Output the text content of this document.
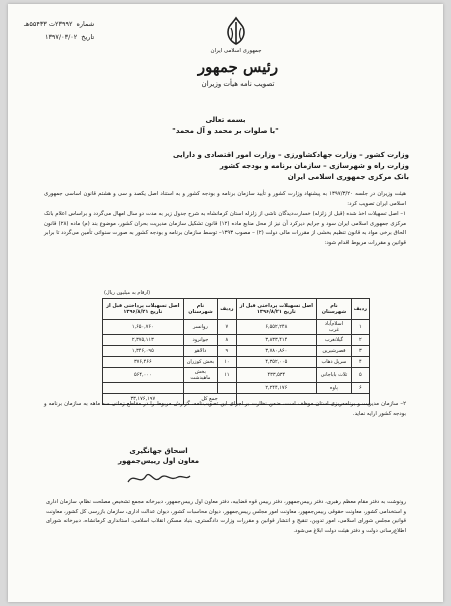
شماره
۲۳۹۹۲ت ۵۵۴۳۳هـ
تاریخ
۱۳۹۷/۰۳/۰۲
جمهوری اسلامی ایران
رئیس جمهور
تصویب نامه هیأت وزیران
بسمه تعالی
"با صلوات بر محمد و آل محمد"
وزارت کشور – وزارت جهادکشاورزی – وزارت امور اقتصادی و دارایی
وزارت راه و شهرسازی – سازمان برنامه و بودجه کشور
بانک مرکزی جمهوری اسلامی ایران
هیئت وزیران در جلسه ۱۳۹۷/۳/۲۰ به پیشنهاد وزارت کشور و تأیید سازمان برنامه و بودجه کشور و به استناد اصل یکصد و سی و هشتم قانون اساسی جمهوری اسلامی ایران تصویب کرد:
۱– اصل تسهیلات اخذ شده (قبل از زلزله) خسارت‌دیدگان ناشی از زلزله استان کرمانشاه به شرح جدول زیر به مدت دو سال امهال می‌گردد و براساس اعلام بانک مرکزی جمهوری اسلامی ایران سود و جرایم دیرکرد آن نیز از محل منابع ماده (۱۲) قانون تشکیل سازمان مدیریت بحران کشور، موضوع بند (م) ماده (۲۸) قانون الحاق برخی مواد به قانون تنظیم بخشی از مقررات مالی دولت (۲) – مصوب ۱۳۹۳– توسط سازمان برنامه و بودجه کشور به صورت سنواتی تأمین می‌گردد تا برابر قوانین و مقررات مربوط اقدام شود:
(ارقام به میلیون ریال)
ردیف	نام شهرستان	اصل تسهیلات پرداختی قبل از تاریخ ۱۳۹۶/۸/۲۱	ردیف	نام شهرستان	اصل تسهیلات پرداختی قبل از تاریخ ۱۳۹۶/۸/۲۱
۱	اسلام‌آباد غرب	۶,۵۵۲,۲۴۸	۷	روانسر	۱,۶۵۰,۷۶۰
۲	گیلانغرب	۳,۸۳۳,۴۱۴	۸	جوانرود	۲,۳۷۵,۱۱۳
۳	قصرشیرین	۳,۷۸۰,۸۶۰	۹	دالاهو	۱,۳۴۶,۰۹۵
۴	سرپل ذهاب	۴,۳۵۲,۰۰۵	۱۰	بخش کوزران	۳۷۶,۴۶۶
۵	ثلاث باباجانی	۴۳۳,۵۳۴	۱۱	بخش ماهیدشت	۵۶۴,۰۰۰
۶	پاوه	۲,۲۴۴,۱۷۶			
			جمع کل		۳۳,۱۷۶,۱۹۷
۲– سازمان مدیریت و برنامه‌ریزی استان موظف است، ضمن نظارت بر اجرای این تصویب‌نامه، گزارش مربوط را در مقاطع زمانی سه ماهه به سازمان برنامه و بودجه کشور ارایه نماید.
اسحاق جهانگیری
معاون اول رییس‌جمهور
رونوشت به دفتر مقام معظم رهبری، دفتر رییس‌جمهور، دفتر رییس قوه قضاییه، دفتر معاون اول رییس‌جمهور، دبیرخانه مجمع تشخیص مصلحت نظام، سازمان اداری و استخدامی کشور، معاونت حقوقی رییس‌جمهور، معاونت امور مجلس رییس‌جمهور، دیوان محاسبات کشور، دیوان عدالت اداری، سازمان بازرسی کل کشور، معاونت قوانین مجلس شورای اسلامی، امور تدوین، تنقیح و انتشار قوانین و مقررات وزارت دادگستری، بنیاد مسکن انقلاب اسلامی، استانداری کرمانشاه، دبیرخانه شورای اطلاع‌رسانی دولت و دفتر هیئت دولت ابلاغ می‌شود.
